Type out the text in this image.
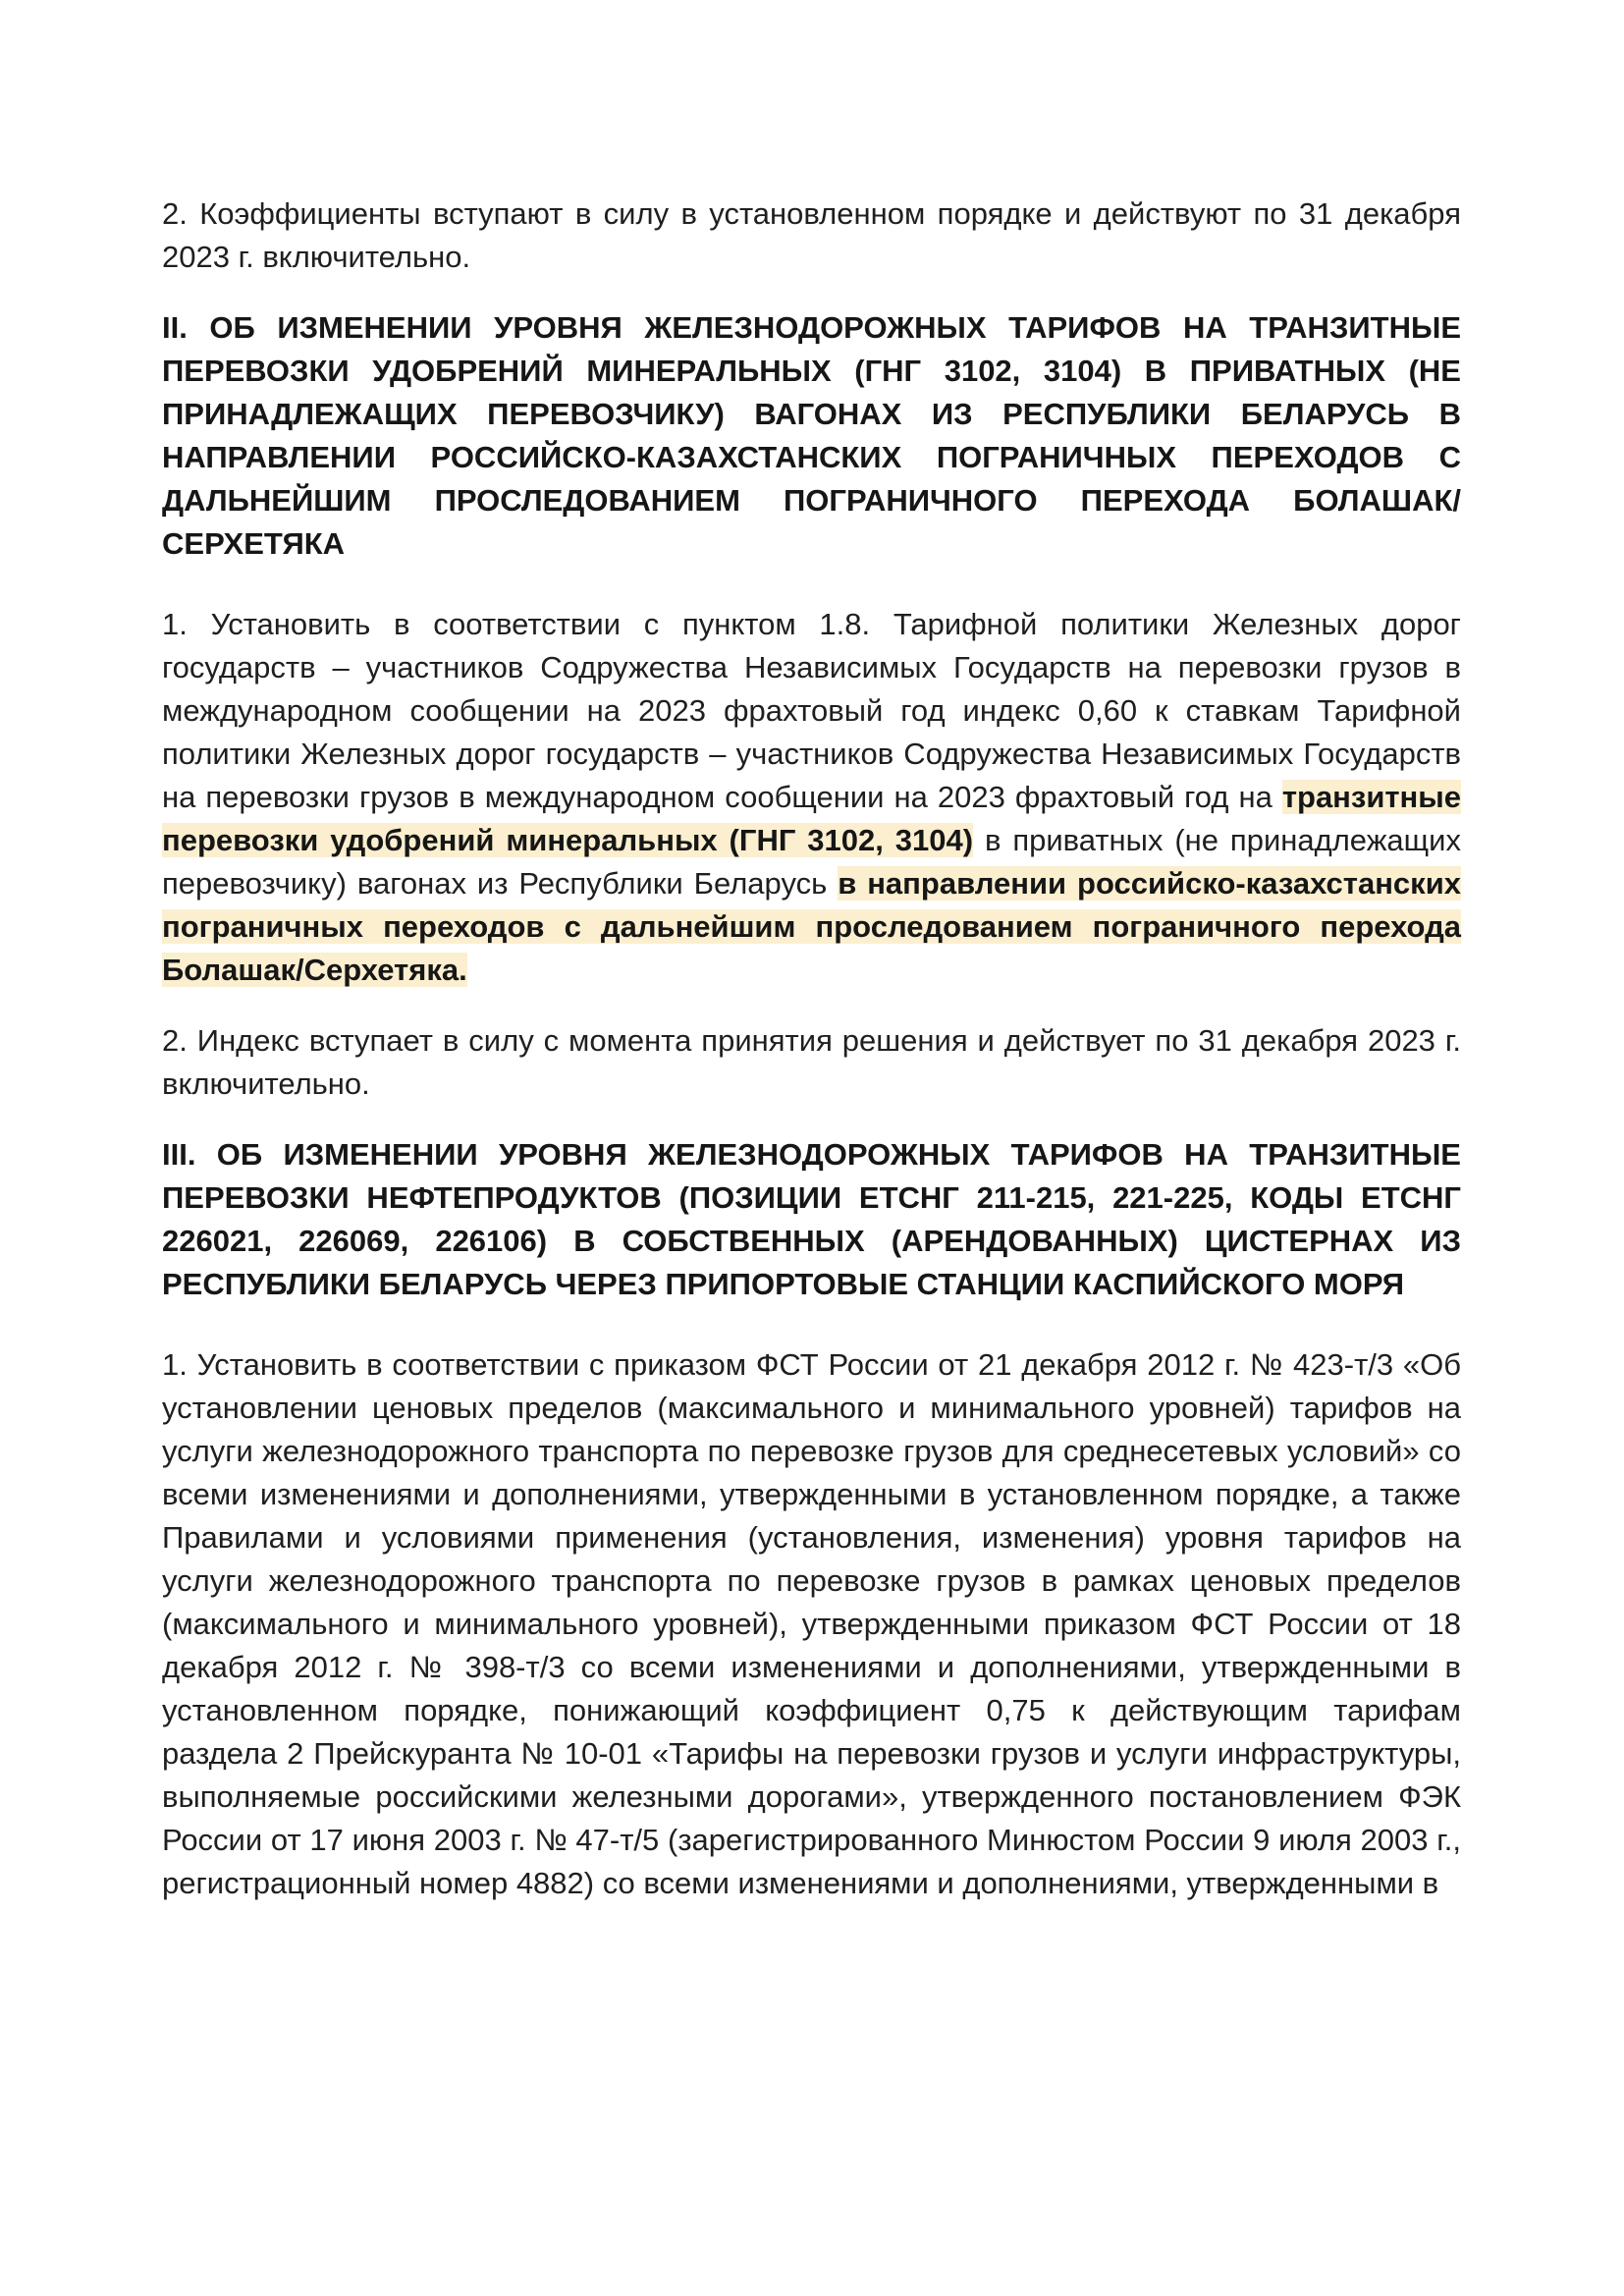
2. Коэффициенты вступают в силу в установленном порядке и действуют по 31 декабря 2023 г. включительно.

II. ОБ ИЗМЕНЕНИИ УРОВНЯ ЖЕЛЕЗНОДОРОЖНЫХ ТАРИФОВ НА ТРАНЗИТНЫЕ ПЕРЕВОЗКИ УДОБРЕНИЙ МИНЕРАЛЬНЫХ (ГНГ 3102, 3104) В ПРИВАТНЫХ (НЕ ПРИНАДЛЕЖАЩИХ ПЕРЕВОЗЧИКУ) ВАГОНАХ ИЗ РЕСПУБЛИКИ БЕЛАРУСЬ В НАПРАВЛЕНИИ РОССИЙСКО-КАЗАХСТАНСКИХ ПОГРАНИЧНЫХ ПЕРЕХОДОВ С ДАЛЬНЕЙШИМ ПРОСЛЕДОВАНИЕМ ПОГРАНИЧНОГО ПЕРЕХОДА БОЛАШАК/СЕРХЕТЯКА

1. Установить в соответствии с пунктом 1.8. Тарифной политики Железных дорог государств – участников Содружества Независимых Государств на перевозки грузов в международном сообщении на 2023 фрахтовый год индекс 0,60 к ставкам Тарифной политики Железных дорог государств – участников Содружества Независимых Государств на перевозки грузов в международном сообщении на 2023 фрахтовый год на транзитные перевозки удобрений минеральных (ГНГ 3102, 3104) в приватных (не принадлежащих перевозчику) вагонах из Республики Беларусь в направлении российско-казахстанских пограничных переходов с дальнейшим проследованием пограничного перехода Болашак/Серхетяка.

2. Индекс вступает в силу с момента принятия решения и действует по 31 декабря 2023 г. включительно.

III. ОБ ИЗМЕНЕНИИ УРОВНЯ ЖЕЛЕЗНОДОРОЖНЫХ ТАРИФОВ НА ТРАНЗИТНЫЕ ПЕРЕВОЗКИ НЕФТЕПРОДУКТОВ (ПОЗИЦИИ ЕТСНГ 211-215, 221-225, КОДЫ ЕТСНГ 226021, 226069, 226106) В СОБСТВЕННЫХ (АРЕНДОВАННЫХ) ЦИСТЕРНАХ ИЗ РЕСПУБЛИКИ БЕЛАРУСЬ ЧЕРЕЗ ПРИПОРТОВЫЕ СТАНЦИИ КАСПИЙСКОГО МОРЯ

1. Установить в соответствии с приказом ФСТ России от 21 декабря 2012 г. № 423-т/3 «Об установлении ценовых пределов (максимального и минимального уровней) тарифов на услуги железнодорожного транспорта по перевозке грузов для среднесетевых условий» со всеми изменениями и дополнениями, утвержденными в установленном порядке, а также Правилами и условиями применения (установления, изменения) уровня тарифов на услуги железнодорожного транспорта по перевозке грузов в рамках ценовых пределов (максимального и минимального уровней), утвержденными приказом ФСТ России от 18 декабря 2012 г. № 398-т/3 со всеми изменениями и дополнениями, утвержденными в установленном порядке, понижающий коэффициент 0,75 к действующим тарифам раздела 2 Прейскуранта № 10-01 «Тарифы на перевозки грузов и услуги инфраструктуры, выполняемые российскими железными дорогами», утвержденного постановлением ФЭК России от 17 июня 2003 г. № 47-т/5 (зарегистрированного Минюстом России 9 июля 2003 г., регистрационный номер 4882) со всеми изменениями и дополнениями, утвержденными в
